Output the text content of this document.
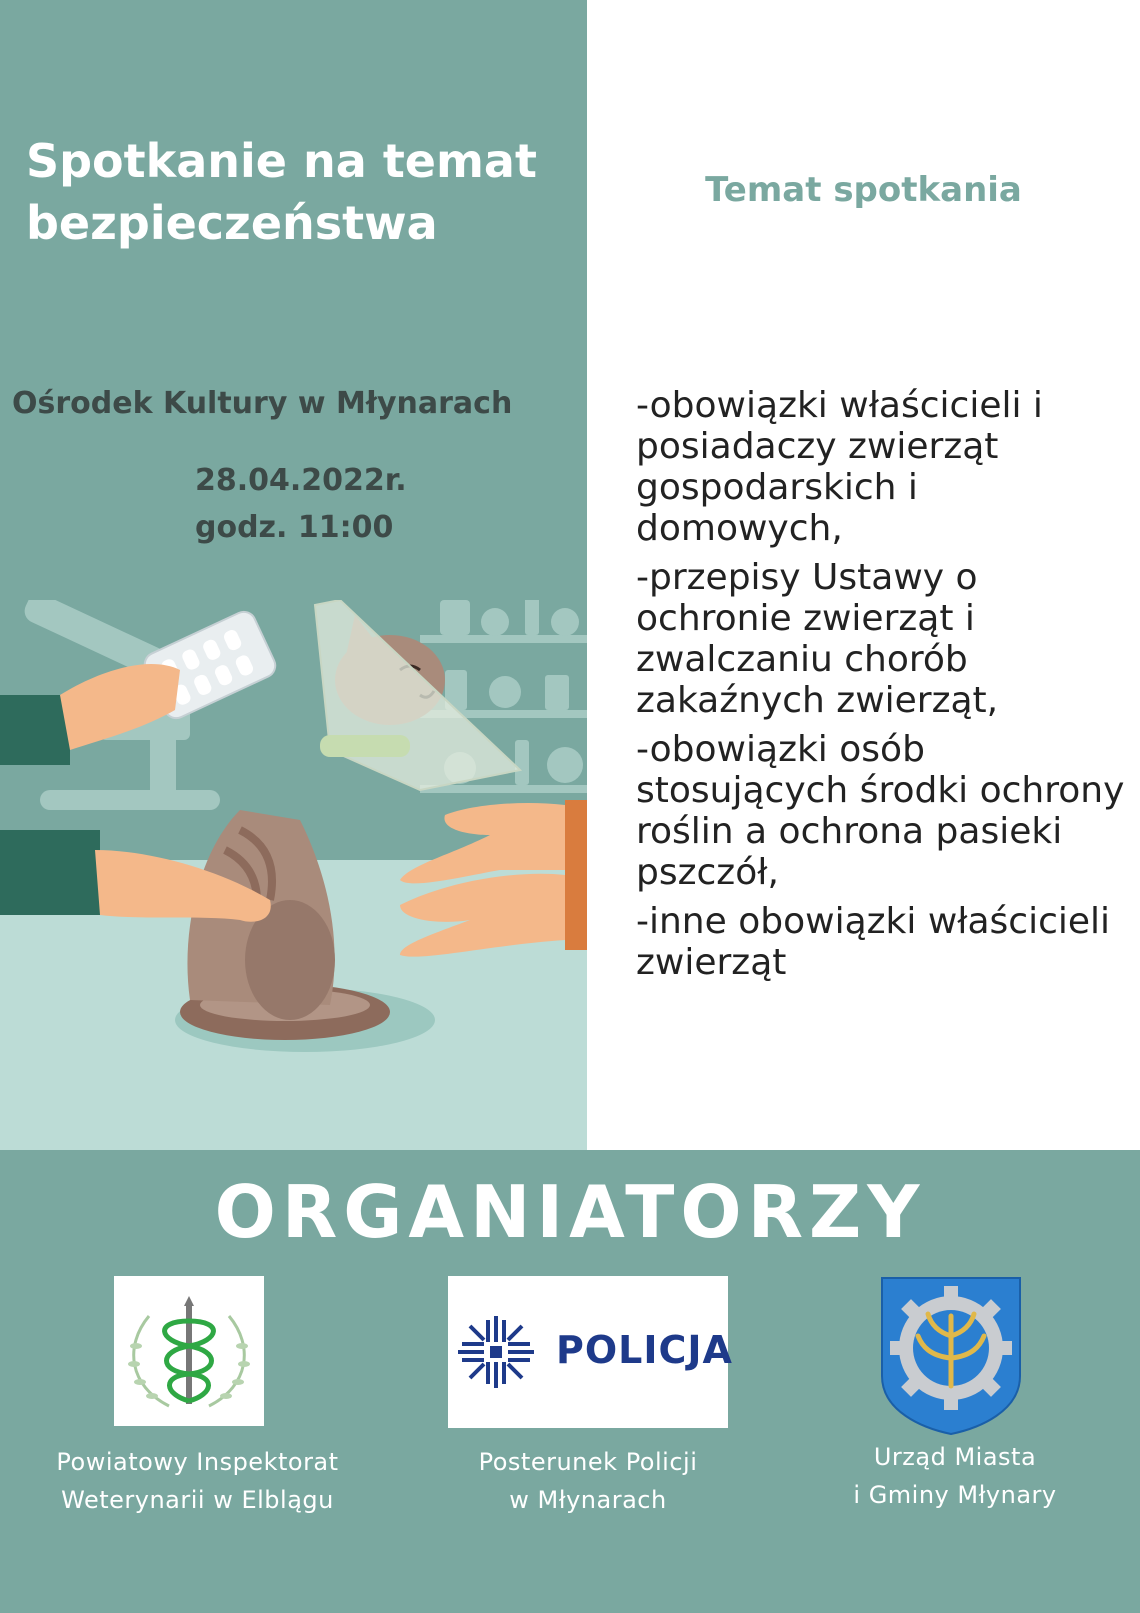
Spotkanie na temat
bezpieczeństwa
Ośrodek Kultury w Młynarach
28.04.2022r.
godz. 11:00
Temat spotkania
-obowiązki właścicieli i posiadaczy zwierząt gospodarskich i domowych,
-przepisy Ustawy o ochronie zwierząt i zwalczaniu chorób zakaźnych zwierząt,
-obowiązki osób stosujących środki ochrony roślin a ochrona pasieki pszczół,
-inne obowiązki właścicieli zwierząt
ORGANIATORZY
POLICJA
Powiatowy Inspektorat
Weterynarii w Elblągu
Posterunek Policji
w Młynarach
Urząd Miasta
i Gminy Młynary
